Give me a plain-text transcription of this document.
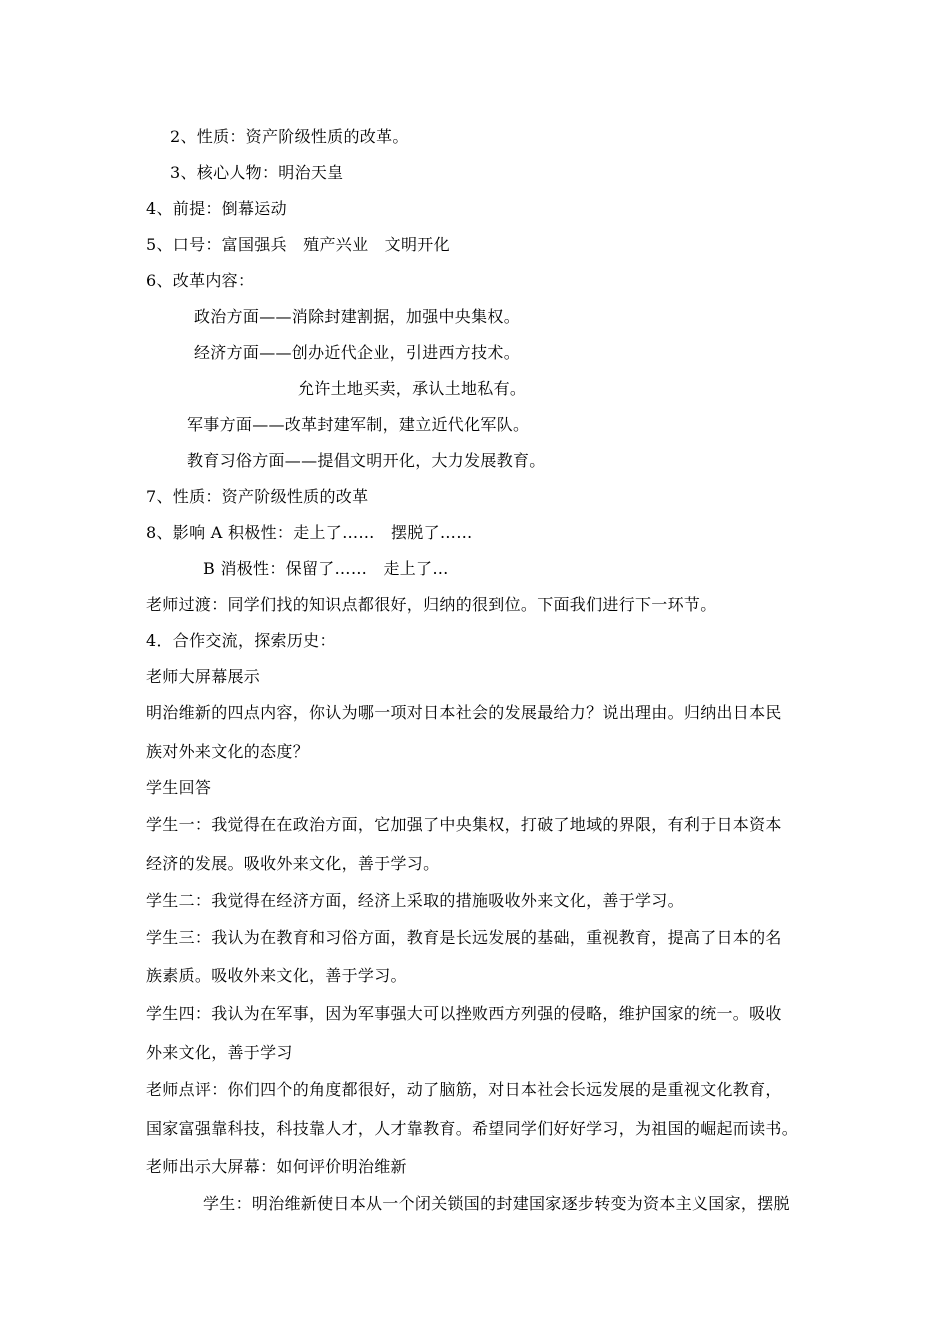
2、性质：资产阶级性质的改革。
3、核心人物：明治天皇
4、前提：倒幕运动
5、口号：富国强兵　殖产兴业　文明开化
6、改革内容：
政治方面——消除封建割据，加强中央集权。
经济方面——创办近代企业，引进西方技术。
允许土地买卖，承认土地私有。
军事方面——改革封建军制，建立近代化军队。
教育习俗方面——提倡文明开化，大力发展教育。
7、性质：资产阶级性质的改革
8、影响 A 积极性：走上了……　摆脱了……
B 消极性：保留了……　走上了…
老师过渡：同学们找的知识点都很好，归纳的很到位。下面我们进行下一环节。
4．合作交流，探索历史：
老师大屏幕展示
明治维新的四点内容，你认为哪一项对日本社会的发展最给力？说出理由。归纳出日本民
族对外来文化的态度？
学生回答
学生一：我觉得在在政治方面，它加强了中央集权，打破了地域的界限，有利于日本资本
经济的发展。吸收外来文化，善于学习。
学生二：我觉得在经济方面，经济上采取的措施吸收外来文化，善于学习。
学生三：我认为在教育和习俗方面，教育是长远发展的基础，重视教育，提高了日本的名
族素质。吸收外来文化，善于学习。
学生四：我认为在军事，因为军事强大可以挫败西方列强的侵略，维护国家的统一。吸收
外来文化，善于学习
老师点评：你们四个的角度都很好，动了脑筋，对日本社会长远发展的是重视文化教育，
国家富强靠科技，科技靠人才，人才靠教育。希望同学们好好学习，为祖国的崛起而读书。
老师出示大屏幕：如何评价明治维新
学生：明治维新使日本从一个闭关锁国的封建国家逐步转变为资本主义国家，摆脱
